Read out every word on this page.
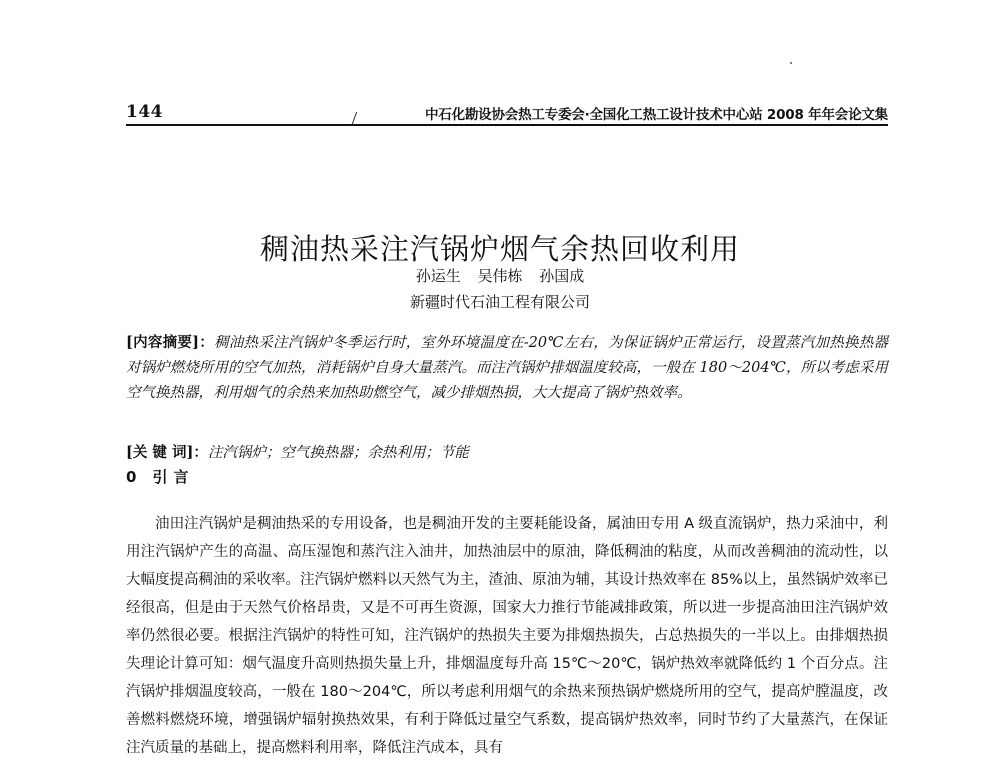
144	中石化勘设协会热工专委会·全国化工热工设计技术中心站 2008 年年会论文集
稠油热采注汽锅炉烟气余热回收利用
孙运生 吴伟栋 孙国成
新疆时代石油工程有限公司
[内容摘要]：稠油热采注汽锅炉冬季运行时，室外环境温度在-20℃左右，为保证锅炉正常运行，设置蒸汽加热换热器对锅炉燃烧所用的空气加热，消耗锅炉自身大量蒸汽。而注汽锅炉排烟温度较高，一般在 180～204℃，所以考虑采用空气换热器，利用烟气的余热来加热助燃空气，减少排烟热损，大大提高了锅炉热效率。
[关 键 词]：注汽锅炉；空气换热器；余热利用；节能
0 引言

油田注汽锅炉是稠油热采的专用设备，也是稠油开发的主要耗能设备，属油田专用 A 级直流锅炉，热力采油中，利用注汽锅炉产生的高温、高压湿饱和蒸汽注入油井，加热油层中的原油，降低稠油的粘度，从而改善稠油的流动性，以大幅度提高稠油的采收率。注汽锅炉燃料以天然气为主，渣油、原油为辅，其设计热效率在 85%以上，虽然锅炉效率已经很高，但是由于天然气价格昂贵，又是不可再生资源，国家大力推行节能减排政策，所以进一步提高油田注汽锅炉效率仍然很必要。根据注汽锅炉的特性可知，注汽锅炉的热损失主要为排烟热损失，占总热损失的一半以上。由排烟热损失理论计算可知：烟气温度升高则热损失量上升，排烟温度每升高 15℃～20℃，锅炉热效率就降低约 1 个百分点。注汽锅炉排烟温度较高，一般在 180～204℃，所以考虑利用烟气的余热来预热锅炉燃烧所用的空气，提高炉膛温度，改善燃料燃烧环境，增强锅炉辐射换热效果，有利于降低过量空气系数，提高锅炉热效率，同时节约了大量蒸汽，在保证注汽质量的基础上，提高燃料利用率，降低注汽成本，具有
